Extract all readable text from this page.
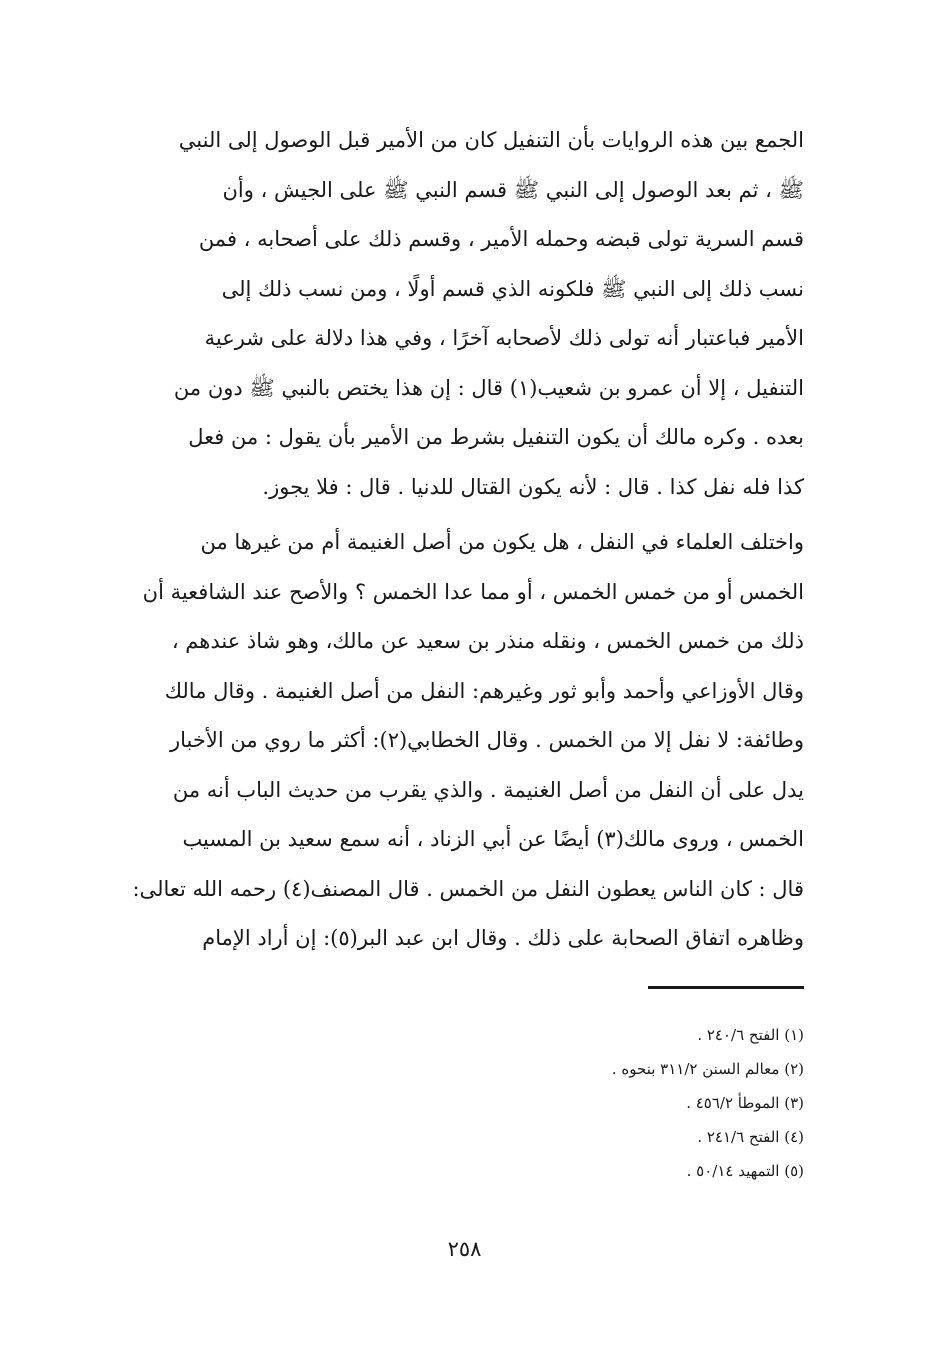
الجمع بين هذه الروايات بأن التنفيل كان من الأمير قبل الوصول إلى النبي
ﷺ ، ثم بعد الوصول إلى النبي ﷺ قسم النبي ﷺ على الجيش ، وأن
قسم السرية تولى قبضه وحمله الأمير ، وقسم ذلك على أصحابه ، فمن
نسب ذلك إلى النبي ﷺ فلكونه الذي قسم أولًا ، ومن نسب ذلك إلى
الأمير فباعتبار أنه تولى ذلك لأصحابه آخرًا ، وفي هذا دلالة على شرعية
التنفيل ، إلا أن عمرو بن شعيب(١) قال : إن هذا يختص بالنبي ﷺ دون من
بعده . وكره مالك أن يكون التنفيل بشرط من الأمير بأن يقول : من فعل
كذا فله نفل كذا . قال : لأنه يكون القتال للدنيا . قال : فلا يجوز.

واختلف العلماء في النفل ، هل يكون من أصل الغنيمة أم من غيرها من
الخمس أو من خمس الخمس ، أو مما عدا الخمس ؟ والأصح عند الشافعية أن
ذلك من خمس الخمس ، ونقله منذر بن سعيد عن مالك، وهو شاذ عندهم ،
وقال الأوزاعي وأحمد وأبو ثور وغيرهم: النفل من أصل الغنيمة . وقال مالك
وطائفة: لا نفل إلا من الخمس . وقال الخطابي(٢): أكثر ما روي من الأخبار
يدل على أن النفل من أصل الغنيمة . والذي يقرب من حديث الباب أنه من
الخمس ، وروى مالك(٣) أيضًا عن أبي الزناد ، أنه سمع سعيد بن المسيب
قال : كان الناس يعطون النفل من الخمس . قال المصنف(٤) رحمه الله تعالى:
وظاهره اتفاق الصحابة على ذلك . وقال ابن عبد البر(٥): إن أراد الإمام

(١) الفتح ٢٤٠/٦ .
(٢) معالم السنن ٣١١/٢ بنحوه .
(٣) الموطأ ٤٥٦/٢ .
(٤) الفتح ٢٤١/٦ .
(٥) التمهيد ٥٠/١٤ .
٢٥٨
